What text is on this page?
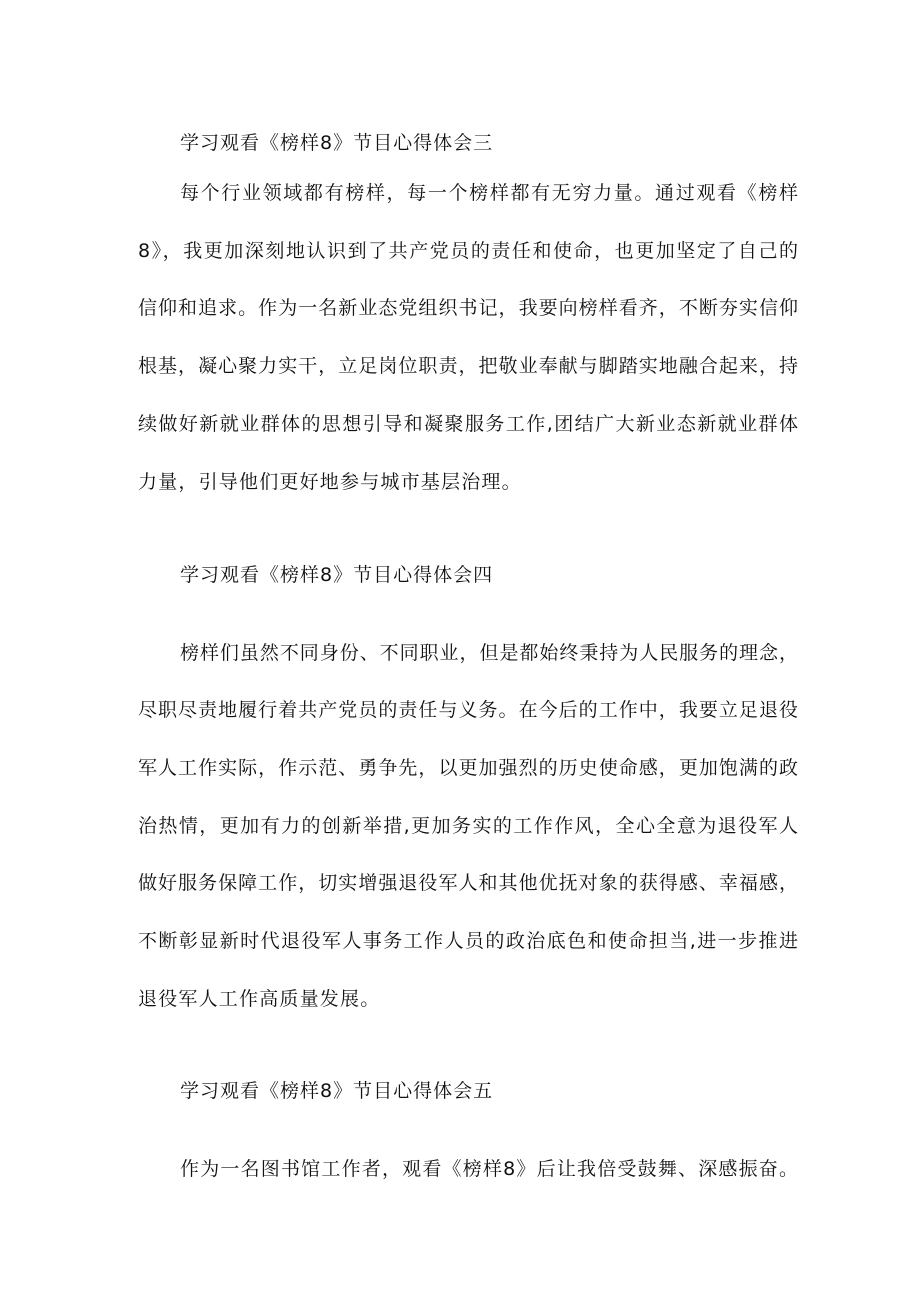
学习观看《榜样8》节目心得体会三
每个行业领域都有榜样，每一个榜样都有无穷力量。通过观看《榜样
8》，我更加深刻地认识到了共产党员的责任和使命，也更加坚定了自己的
信仰和追求。作为一名新业态党组织书记，我要向榜样看齐，不断夯实信仰
根基，凝心聚力实干，立足岗位职责，把敬业奉献与脚踏实地融合起来，持
续做好新就业群体的思想引导和凝聚服务工作,团结广大新业态新就业群体
力量，引导他们更好地参与城市基层治理。
学习观看《榜样8》节目心得体会四
榜样们虽然不同身份、不同职业，但是都始终秉持为人民服务的理念，
尽职尽责地履行着共产党员的责任与义务。在今后的工作中，我要立足退役
军人工作实际，作示范、勇争先，以更加强烈的历史使命感，更加饱满的政
治热情，更加有力的创新举措,更加务实的工作作风，全心全意为退役军人
做好服务保障工作，切实增强退役军人和其他优抚对象的获得感、幸福感，
不断彰显新时代退役军人事务工作人员的政治底色和使命担当,进一步推进
退役军人工作高质量发展。
学习观看《榜样8》节目心得体会五
作为一名图书馆工作者，观看《榜样8》后让我倍受鼓舞、深感振奋。
